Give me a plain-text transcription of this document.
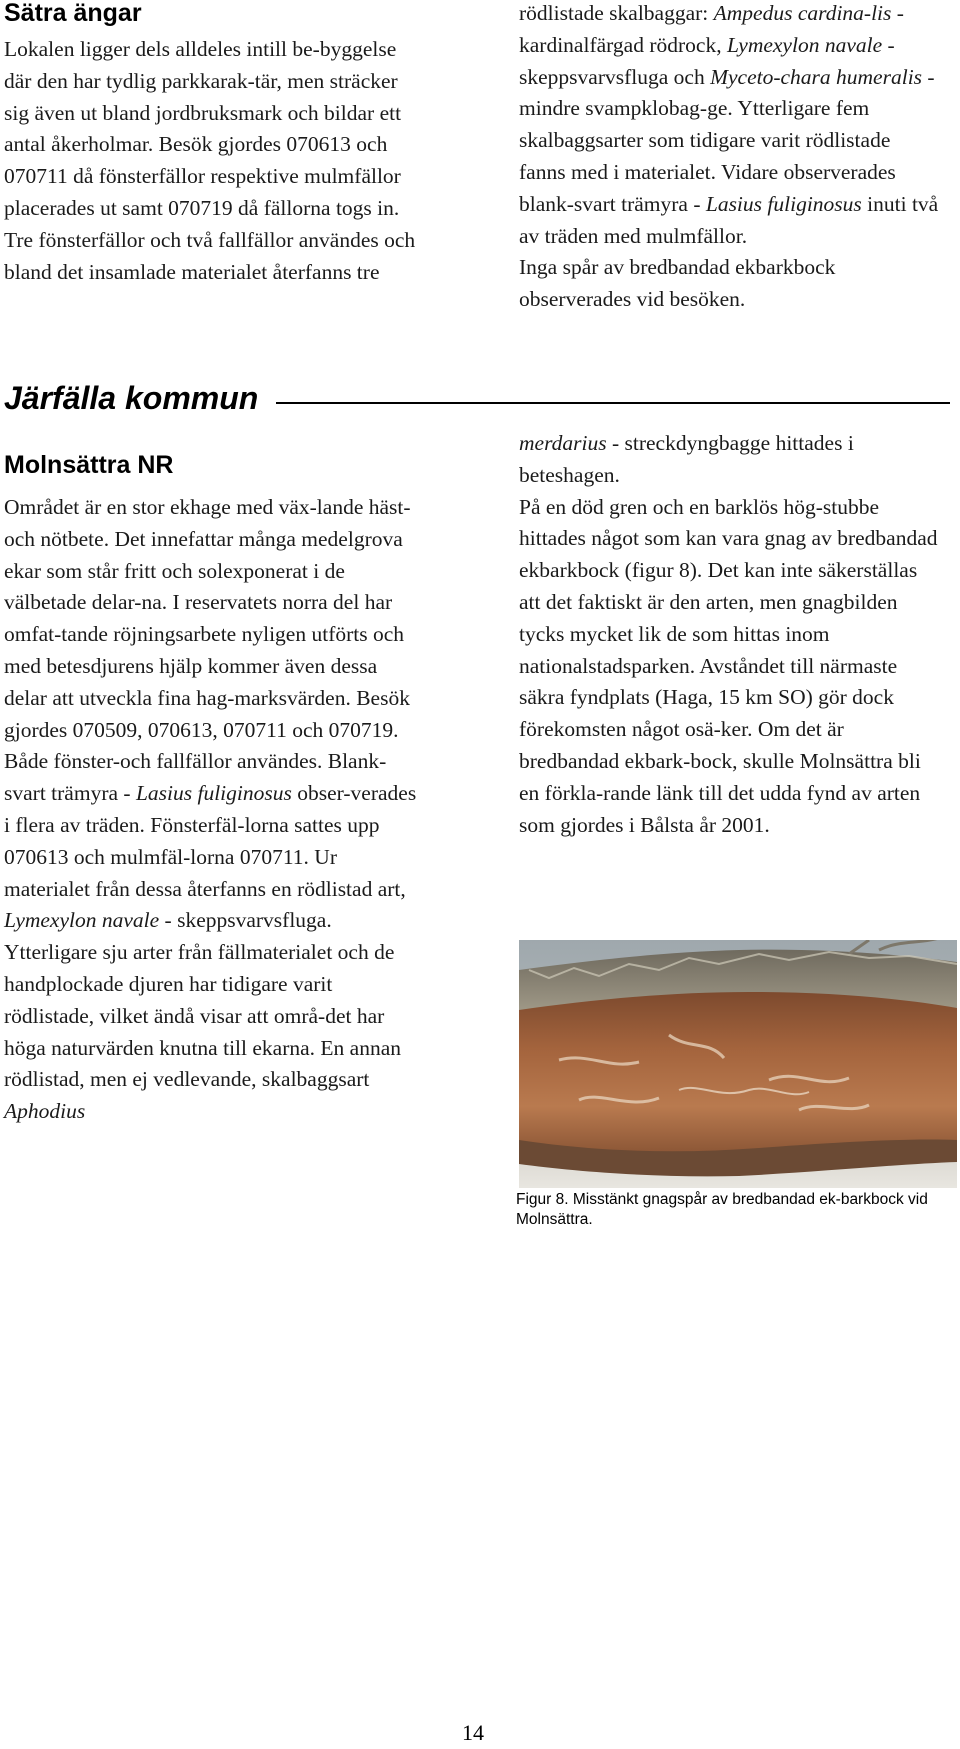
Sätra ängar

Lokalen ligger dels alldeles intill be-byggelse där den har tydlig parkkarak-tär, men sträcker sig även ut bland jordbruksmark och bildar ett antal åkerholmar. Besök gjordes 070613 och 070711 då fönsterfällor respektive mulmfällor placerades ut samt 070719 då fällorna togs in. Tre fönsterfällor och två fallfällor användes och bland det insamlade materialet återfanns tre

rödlistade skalbaggar: Ampedus cardina-lis - kardinalfärgad rödrock, Lymexylon navale - skeppsvarvsfluga och Myceto-chara humeralis - mindre svampklobag-ge. Ytterligare fem skalbaggsarter som tidigare varit rödlistade fanns med i materialet. Vidare observerades blank-svart trämyra - Lasius fuliginosus inuti två av träden med mulmfällor.

Inga spår av bredbandad ekbarkbock observerades vid besöken.

Järfälla kommun
Molnsättra NR

Området är en stor ekhage med väx-lande häst- och nötbete. Det innefattar många medelgrova ekar som står fritt och solexponerat i de välbetade delar-na. I reservatets norra del har omfat-tande röjningsarbete nyligen utförts och med betesdjurens hjälp kommer även dessa delar att utveckla fina hag-marksvärden. Besök gjordes 070509, 070613, 070711 och 070719. Både fönster-och fallfällor användes. Blank-svart trämyra - Lasius fuliginosus obser-verades i flera av träden. Fönsterfäl-lorna sattes upp 070613 och mulmfäl-lorna 070711. Ur materialet från dessa återfanns en rödlistad art, Lymexylon navale - skeppsvarvsfluga. Ytterligare sju arter från fällmaterialet och de handplockade djuren har tidigare varit rödlistade, vilket ändå visar att områ-det har höga naturvärden knutna till ekarna. En annan rödlistad, men ej vedlevande, skalbaggsart Aphodius

merdarius - streckdyngbagge hittades i beteshagen.

På en död gren och en barklös hög-stubbe hittades något som kan vara gnag av bredbandad ekbarkbock (figur 8). Det kan inte säkerställas att det faktiskt är den arten, men gnagbilden tycks mycket lik de som hittas inom nationalstadsparken. Avståndet till närmaste säkra fyndplats (Haga, 15 km SO) gör dock förekomsten något osä-ker. Om det är bredbandad ekbark-bock, skulle Molnsättra bli en förkla-rande länk till det udda fynd av arten som gjordes i Bålsta år 2001.

Figur 8. Misstänkt gnagspår av bredbandad ek-barkbock vid Molnsättra.

14
